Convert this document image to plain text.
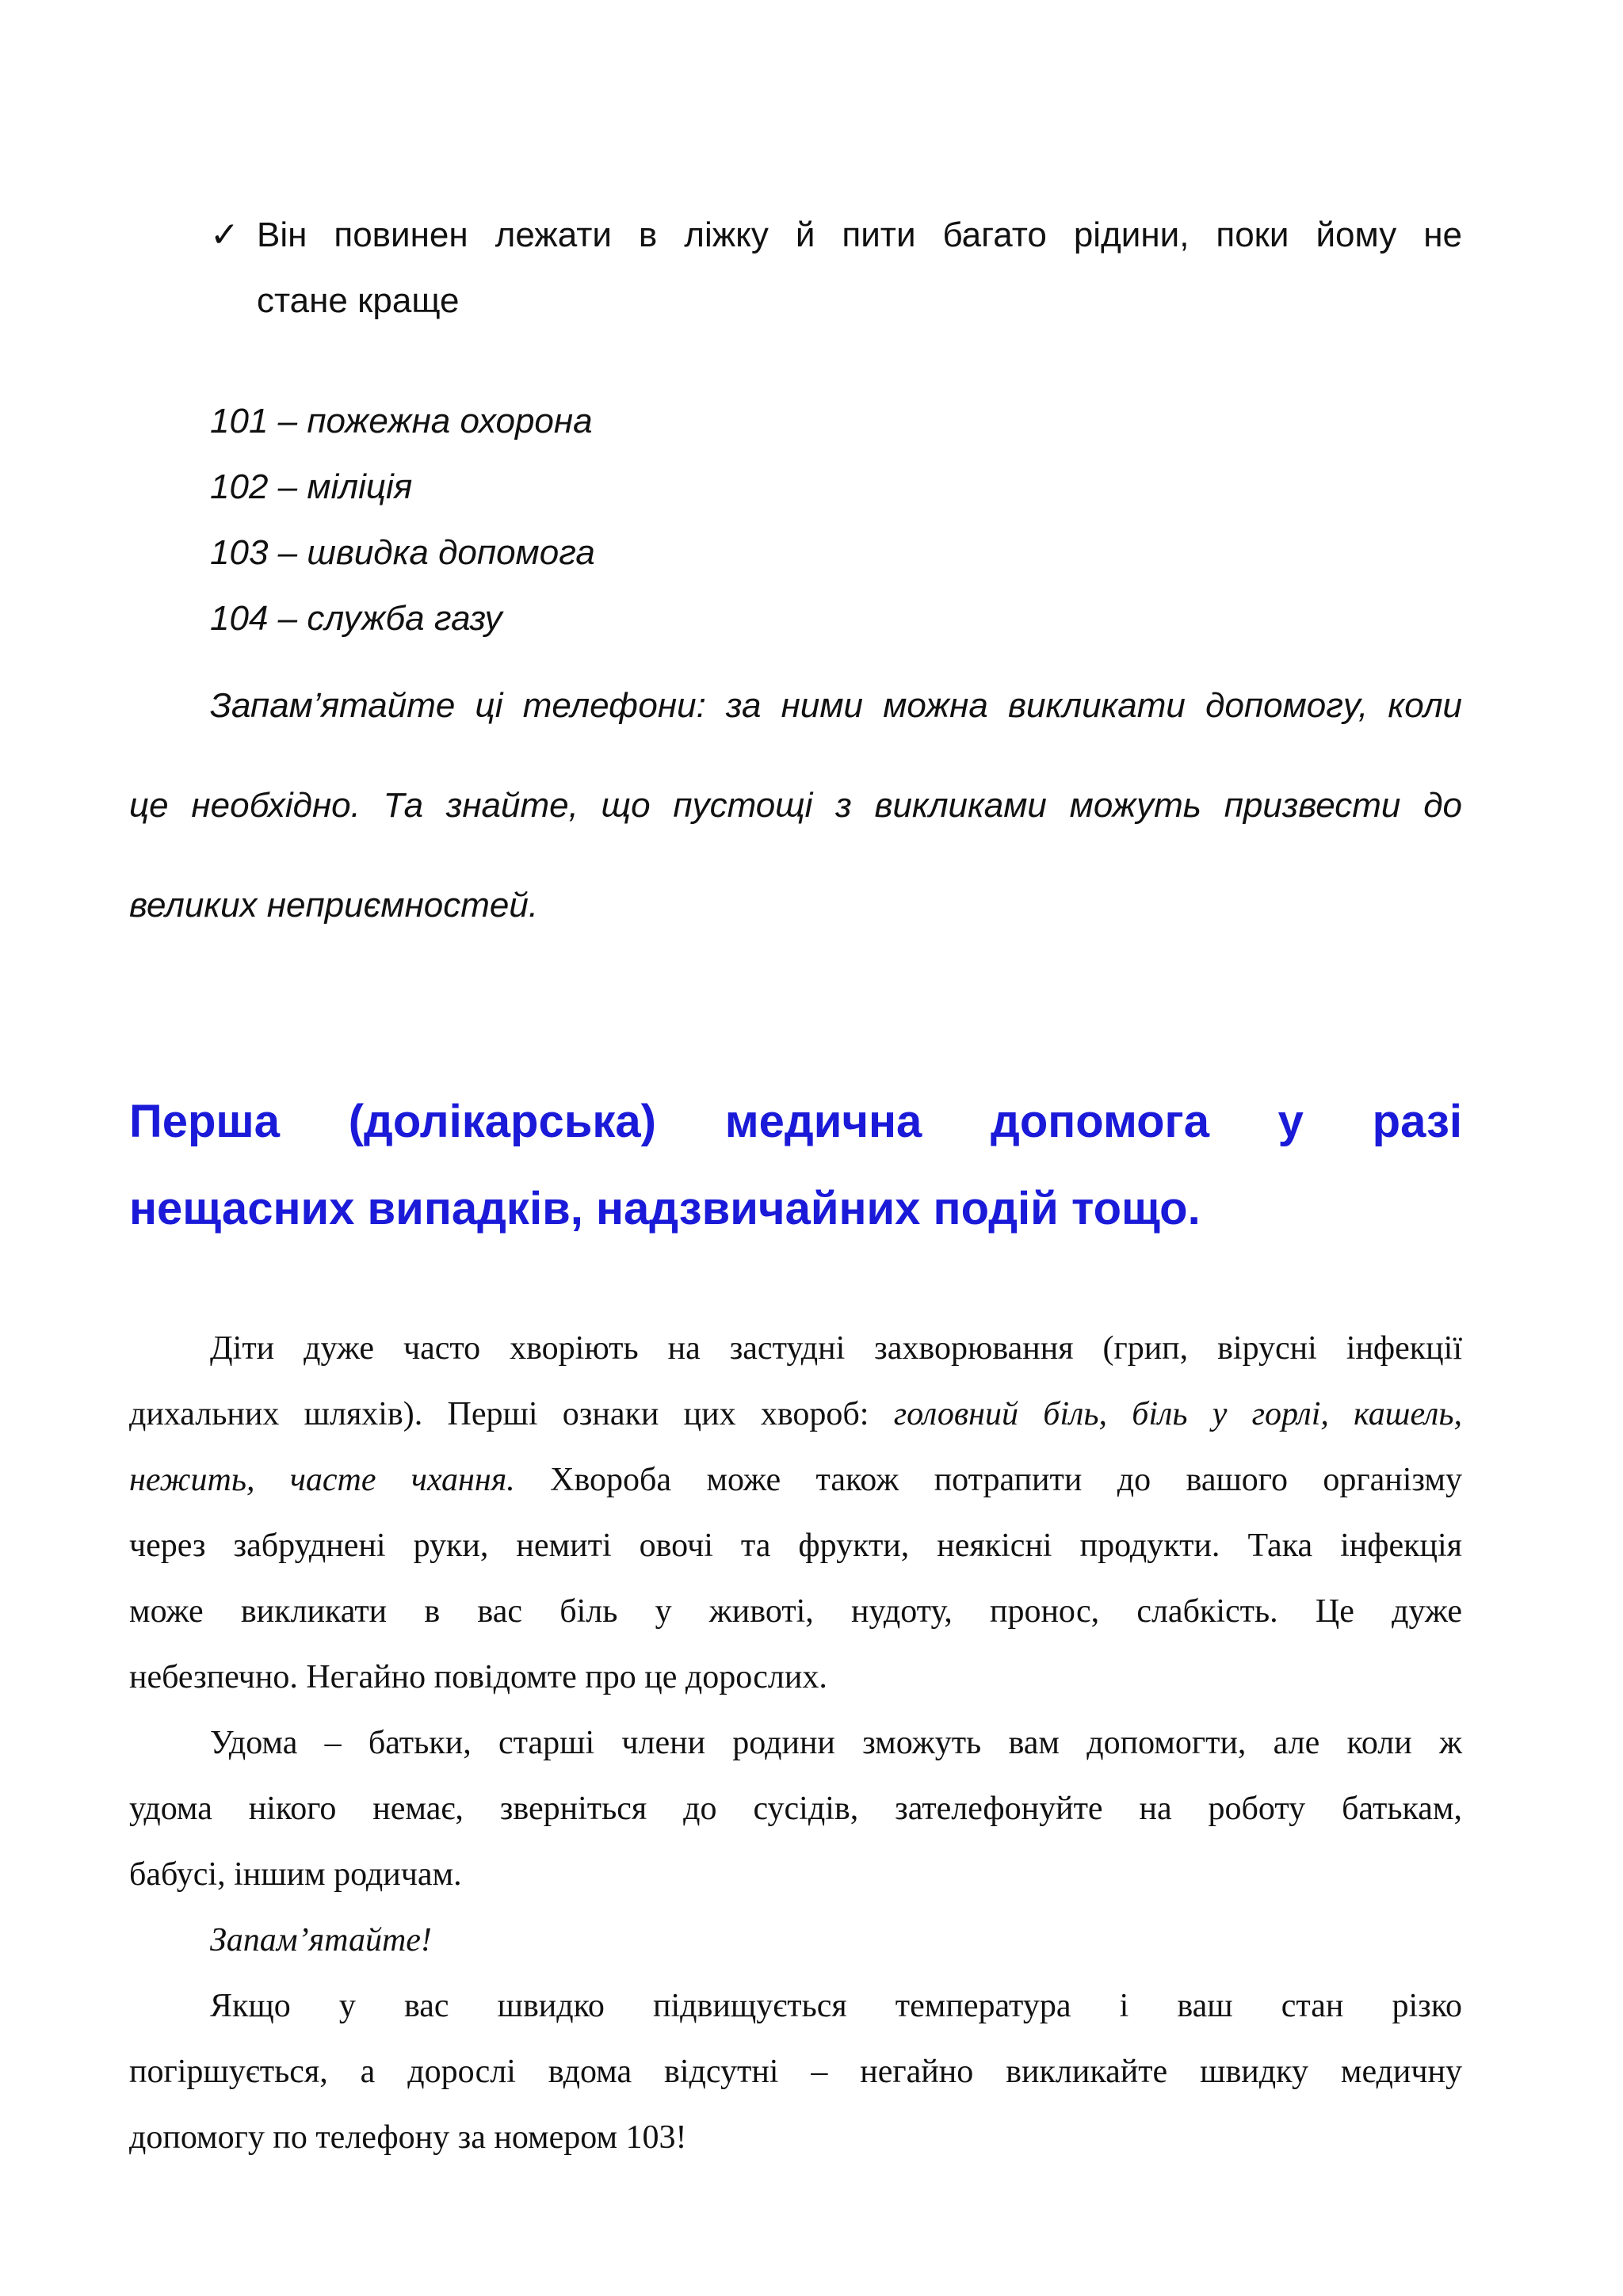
✓ Він повинен лежати в ліжку й пити багато рідини, поки йому не
стане краще
101 – пожежна охорона
102 – міліція
103 – швидка допомога
104 – служба газу
Запам’ятайте ці телефони: за ними можна викликати допомогу, коли
це необхідно. Та знайте, що пустощі з викликами можуть призвести до
великих неприємностей.
Перша (долікарська) медична допомога у разі
нещасних випадків, надзвичайних подій тощо.
Діти дуже часто хворіють на застудні захворювання (грип, вірусні інфекції
дихальних шляхів). Перші ознаки цих хвороб: головний біль, біль у горлі, кашель,
нежить, часте чхання. Хвороба може також потрапити до вашого організму
через забруднені руки, немиті овочі та фрукти, неякісні продукти. Така інфекція
може викликати в вас біль у животі, нудоту, пронос, слабкість. Це дуже
небезпечно. Негайно повідомте про це дорослих.
Удома – батьки, старші члени родини зможуть вам допомогти, але коли ж
удома нікого немає, зверніться до сусідів, зателефонуйте на роботу батькам,
бабусі, іншим родичам.
Запам’ятайте!
Якщо у вас швидко підвищується температура і ваш стан різко
погіршується, а дорослі вдома відсутні – негайно викликайте швидку медичну
допомогу по телефону за номером 103!
